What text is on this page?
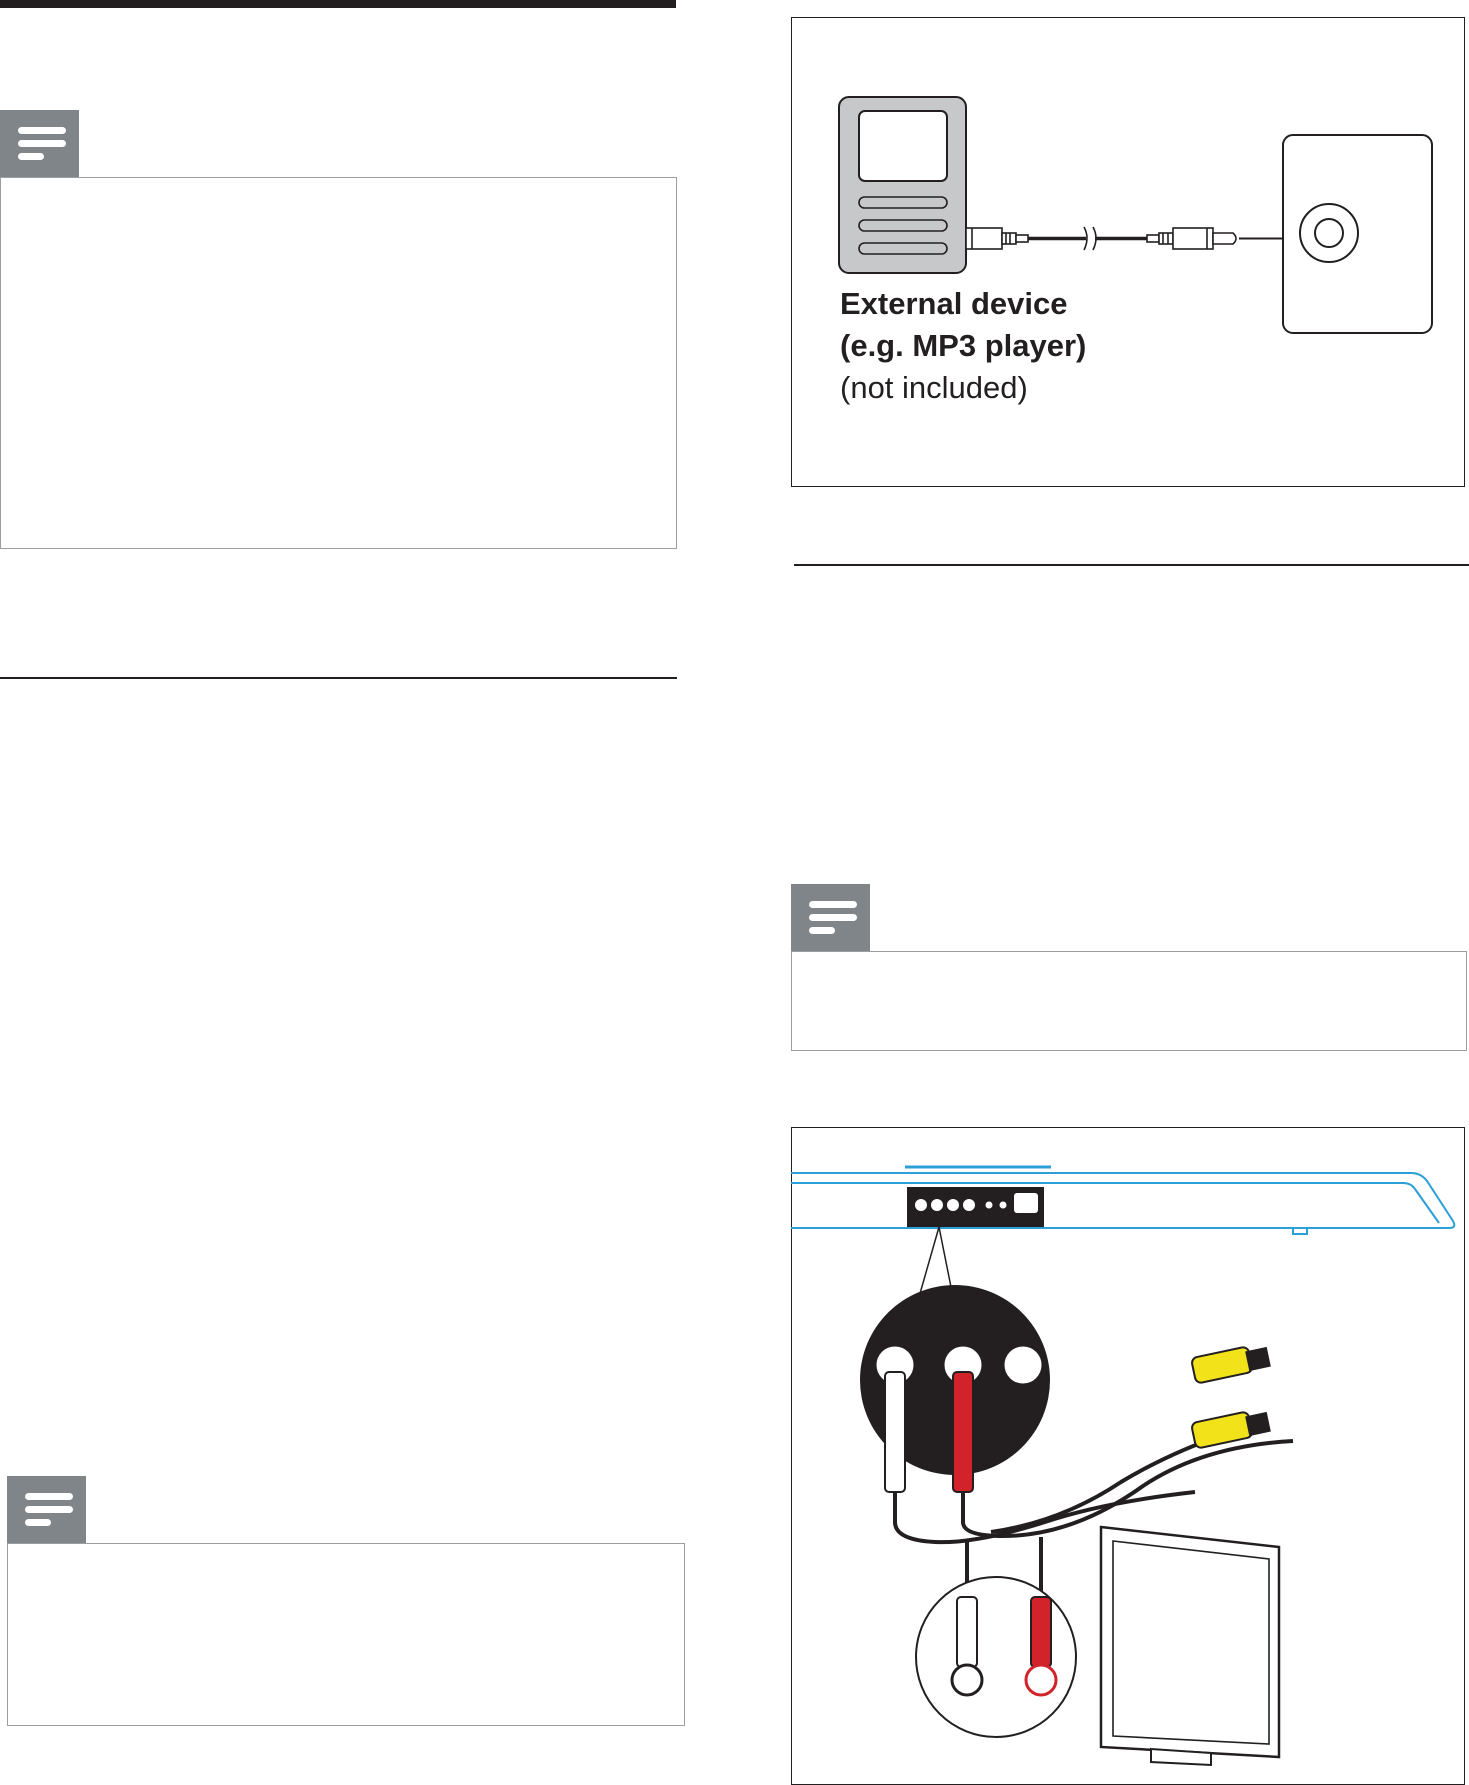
External device
(e.g. MP3 player)
(not included)
